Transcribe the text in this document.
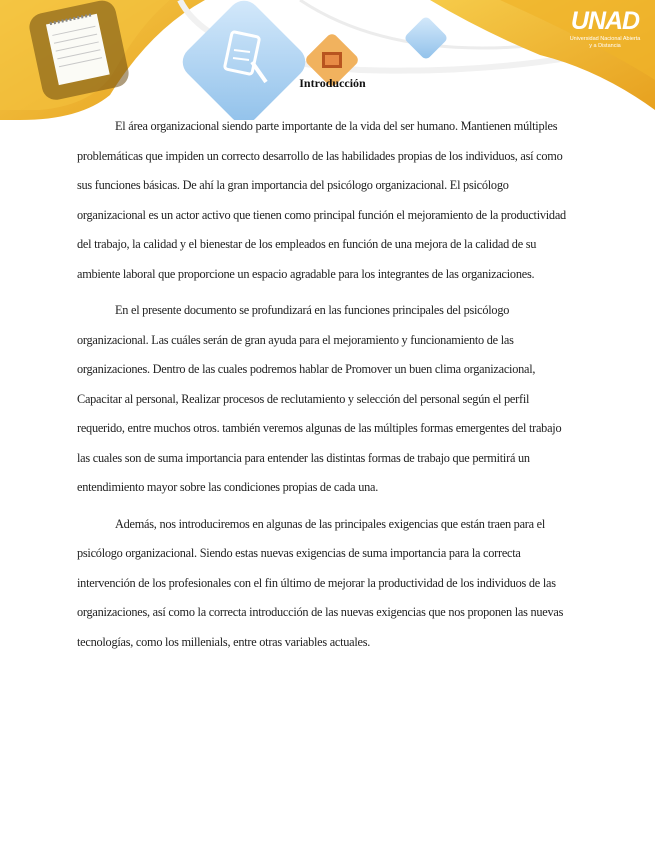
UNAD
Universidad Nacional Abierta y a Distancia
Introducción

El área organizacional siendo parte importante de la vida del ser humano. Mantienen múltiples problemáticas que impiden un correcto desarrollo de las habilidades propias de los individuos, así como sus funciones básicas. De ahí la gran importancia del psicólogo organizacional. El psicólogo organizacional es un actor activo que tienen como principal función el mejoramiento de la productividad del trabajo, la calidad y el bienestar de los empleados en función de una mejora de la calidad de su ambiente laboral que proporcione un espacio agradable para los integrantes de las organizaciones.

En el presente documento se profundizará en las funciones principales del psicólogo organizacional. Las cuáles serán de gran ayuda para el mejoramiento y funcionamiento de las organizaciones. Dentro de las cuales podremos hablar de Promover un buen clima organizacional, Capacitar al personal, Realizar procesos de reclutamiento y selección del personal según el perfil requerido, entre muchos otros. también veremos algunas de las múltiples formas emergentes del trabajo las cuales son de suma importancia para entender las distintas formas de trabajo que permitirá un entendimiento mayor sobre las condiciones propias de cada una.

Además, nos introduciremos en algunas de las principales exigencias que están traen para el psicólogo organizacional. Siendo estas nuevas exigencias de suma importancia para la correcta intervención de los profesionales con el fin último de mejorar la productividad de los individuos de las organizaciones, así como la correcta introducción de las nuevas exigencias que nos proponen las nuevas tecnologías, como los millenials, entre otras variables actuales.
